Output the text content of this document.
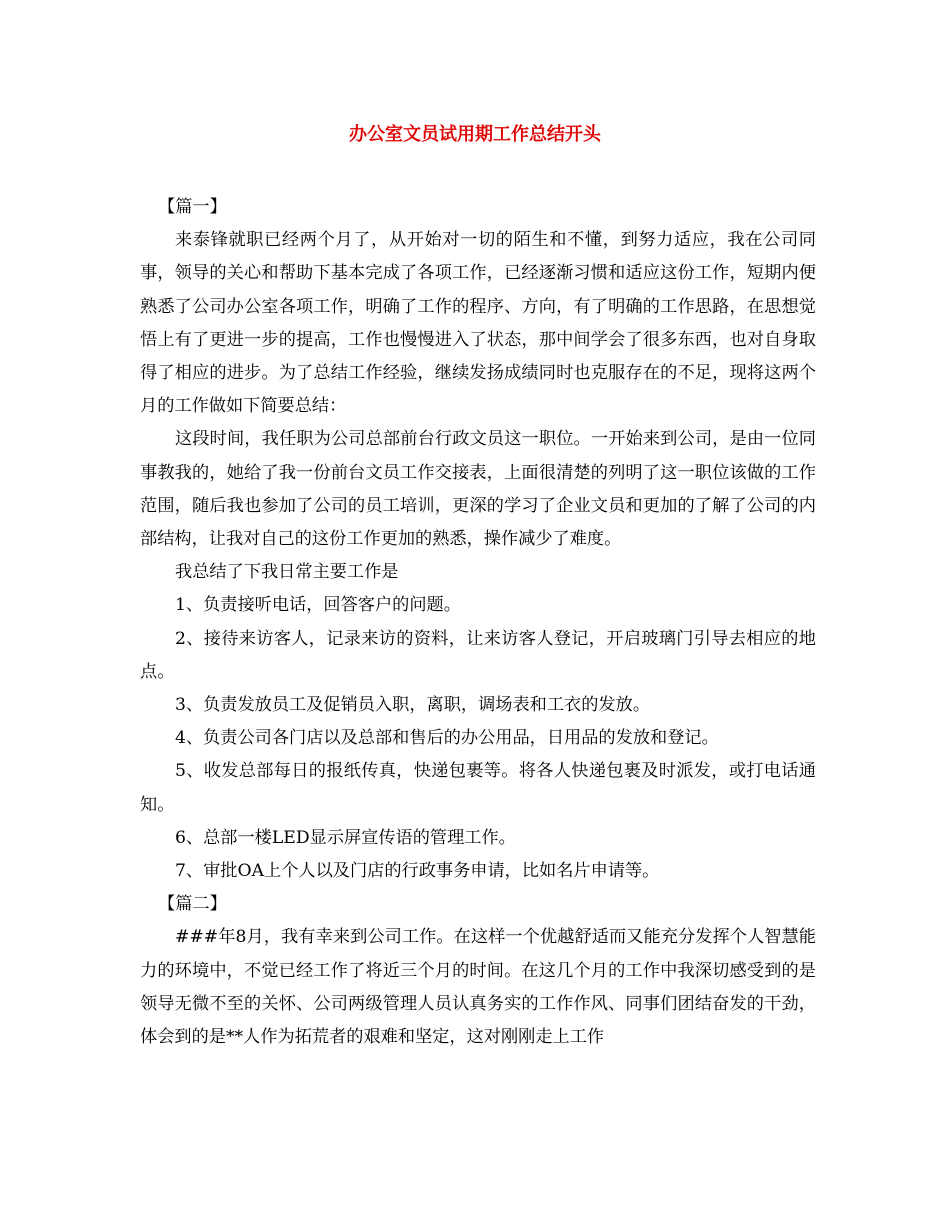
办公室文员试用期工作总结开头

【篇一】

来泰锋就职已经两个月了，从开始对一切的陌生和不懂，到努力适应，我在公司同事，领导的关心和帮助下基本完成了各项工作，已经逐渐习惯和适应这份工作，短期内便熟悉了公司办公室各项工作，明确了工作的程序、方向，有了明确的工作思路，在思想觉悟上有了更进一步的提高，工作也慢慢进入了状态，那中间学会了很多东西，也对自身取得了相应的进步。为了总结工作经验，继续发扬成绩同时也克服存在的不足，现将这两个月的工作做如下简要总结：

这段时间，我任职为公司总部前台行政文员这一职位。一开始来到公司，是由一位同事教我的，她给了我一份前台文员工作交接表，上面很清楚的列明了这一职位该做的工作范围，随后我也参加了公司的员工培训，更深的学习了企业文员和更加的了解了公司的内部结构，让我对自己的这份工作更加的熟悉，操作减少了难度。

我总结了下我日常主要工作是

1、负责接听电话，回答客户的问题。

2、接待来访客人，记录来访的资料，让来访客人登记，开启玻璃门引导去相应的地点。

3、负责发放员工及促销员入职，离职，调场表和工衣的发放。

4、负责公司各门店以及总部和售后的办公用品，日用品的发放和登记。

5、收发总部每日的报纸传真，快递包裹等。将各人快递包裹及时派发，或打电话通知。

6、总部一楼LED显示屏宣传语的管理工作。

7、审批OA上个人以及门店的行政事务申请，比如名片申请等。

【篇二】

###年8月，我有幸来到公司工作。在这样一个优越舒适而又能充分发挥个人智慧能力的环境中，不觉已经工作了将近三个月的时间。在这几个月的工作中我深切感受到的是领导无微不至的关怀、公司两级管理人员认真务实的工作作风、同事们团结奋发的干劲，体会到的是**人作为拓荒者的艰难和坚定，这对刚刚走上工作
